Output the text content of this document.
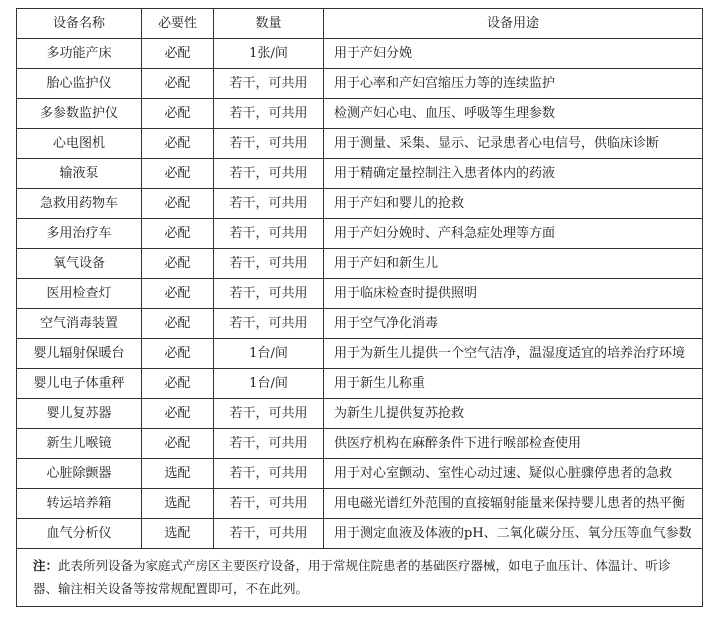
设备名称	必要性	数量	设备用途
多功能产床	必配	1张/间	用于产妇分娩
胎心监护仪	必配	若干，可共用	用于心率和产妇宫缩压力等的连续监护
多参数监护仪	必配	若干，可共用	检测产妇心电、血压、呼吸等生理参数
心电图机	必配	若干，可共用	用于测量、采集、显示、记录患者心电信号，供临床诊断
输液泵	必配	若干，可共用	用于精确定量控制注入患者体内的药液
急救用药物车	必配	若干，可共用	用于产妇和婴儿的抢救
多用治疗车	必配	若干，可共用	用于产妇分娩时、产科急症处理等方面
氧气设备	必配	若干，可共用	用于产妇和新生儿
医用检查灯	必配	若干，可共用	用于临床检查时提供照明
空气消毒装置	必配	若干，可共用	用于空气净化消毒
婴儿辐射保暖台	必配	1台/间	用于为新生儿提供一个空气洁净，温湿度适宜的培养治疗环境
婴儿电子体重秤	必配	1台/间	用于新生儿称重
婴儿复苏器	必配	若干，可共用	为新生儿提供复苏抢救
新生儿喉镜	必配	若干，可共用	供医疗机构在麻醉条件下进行喉部检查使用
心脏除颤器	选配	若干，可共用	用于对心室颤动、室性心动过速、疑似心脏骤停患者的急救
转运培养箱	选配	若干，可共用	用电磁光谱红外范围的直接辐射能量来保持婴儿患者的热平衡
血气分析仪	选配	若干，可共用	用于测定血液及体液的pH、二氧化碳分压、氧分压等血气参数
注：此表所列设备为家庭式产房区主要医疗设备，用于常规住院患者的基础医疗器械，如电子血压计、体温计、听诊器、输注相关设备等按常规配置即可，不在此列。			
